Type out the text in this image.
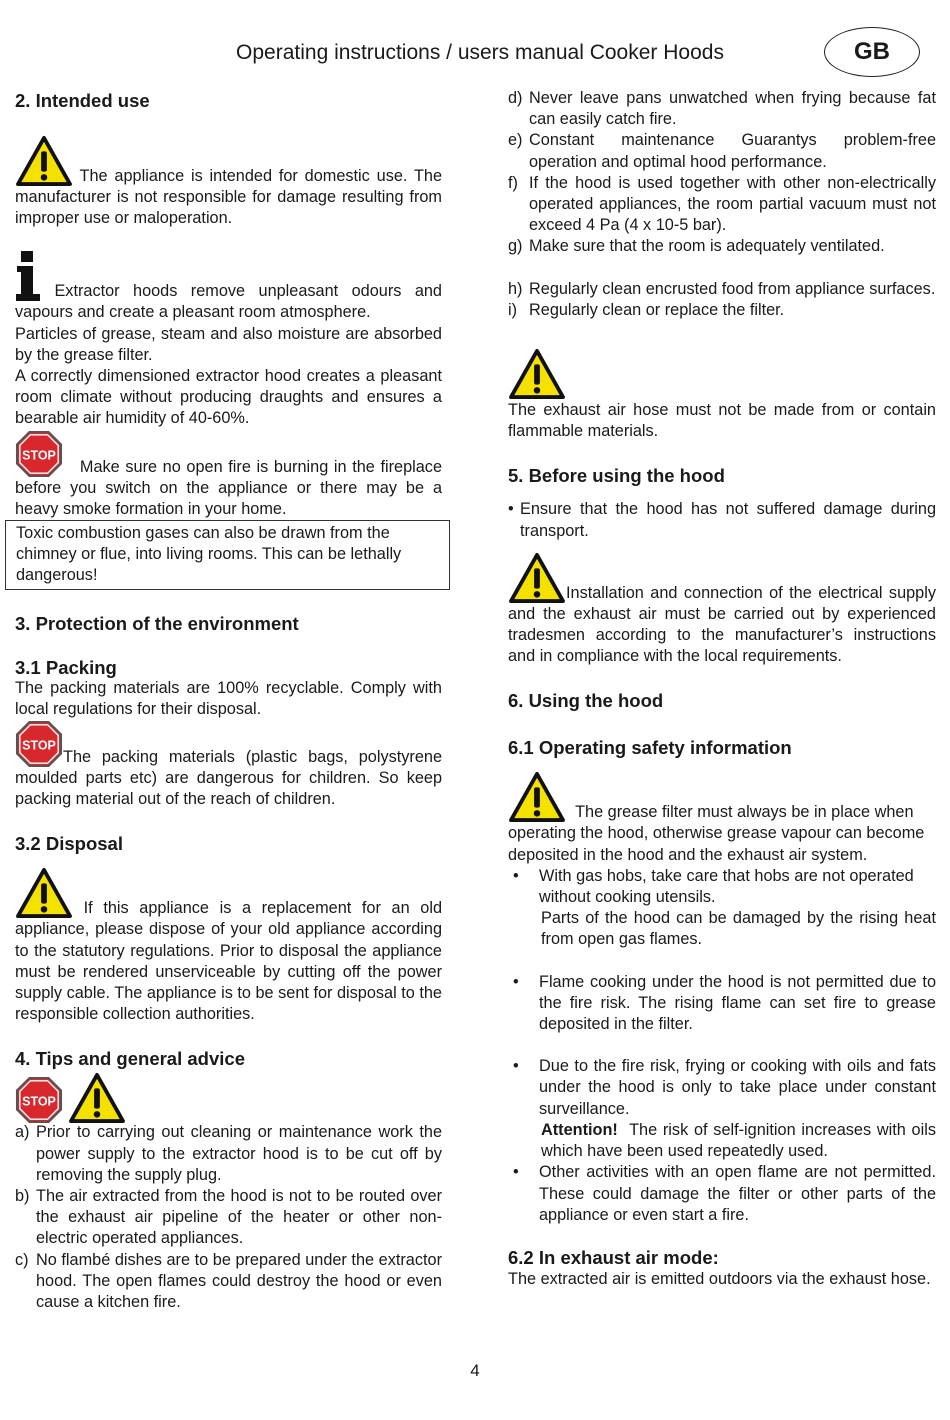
Operating instructions / users manual Cooker Hoods	GB
2. Intended use

The appliance is intended for domestic use. The manufacturer is not responsible for damage resulting from improper use or maloperation.

Extractor hoods remove unpleasant odours and vapours and create a pleasant room atmosphere.

Particles of grease, steam and also moisture are absorbed by the grease filter.

A correctly dimensioned extractor hood creates a pleasant room climate without producing draughts and ensures a bearable air humidity of 40-60%.

Make sure no open fire is burning in the fireplace before you switch on the appliance or there may be a heavy smoke formation in your home.

Toxic combustion gases can also be drawn from the chimney or flue, into living rooms. This can be lethally dangerous!

3. Protection of the environment
3.1 Packing

The packing materials are 100% recyclable. Comply with local regulations for their disposal.

The packing materials (plastic bags, polystyrene moulded parts etc) are dangerous for children. So keep packing material out of the reach of children.

3.2 Disposal

If this appliance is a replacement for an old appliance, please dispose of your old appliance according to the statutory regulations. Prior to disposal the appliance must be rendered unserviceable by cutting off the power supply cable. The appliance is to be sent for disposal to the responsible collection authorities.

4. Tips and general advice

a) Prior to carrying out cleaning or maintenance work the power supply to the extractor hood is to be cut off by removing the supply plug.
b) The air extracted from the hood is not to be routed over the exhaust air pipeline of the heater or other non-electric operated appliances.
c) No flambé dishes are to be prepared under the extractor hood. The open flames could destroy the hood or even cause a kitchen fire.
d) Never leave pans unwatched when frying because fat can easily catch fire.
e) Constant maintenance Guarantys problem-free operation and optimal hood performance.
f) If the hood is used together with other non-electrically operated appliances, the room partial vacuum must not exceed 4 Pa (4 x 10-5 bar).
g) Make sure that the room is adequately ventilated.
h) Regularly clean encrusted food from appliance surfaces.
i) Regularly clean or replace the filter.

The exhaust air hose must not be made from or contain flammable materials.

5. Before using the hood
• Ensure that the hood has not suffered damage during transport.

Installation and connection of the electrical supply and the exhaust air must be carried out by experienced tradesmen according to the manufacturer’s instructions and in compliance with the local requirements.

6. Using the hood
6.1 Operating safety information

The grease filter must always be in place when operating the hood, otherwise grease vapour can become deposited in the hood and the exhaust air system.

• With gas hobs, take care that hobs are not operated without cooking utensils.

Parts of the hood can be damaged by the rising heat from open gas flames.

• Flame cooking under the hood is not permitted due to the fire risk. The rising flame can set fire to grease deposited in the filter.
• Due to the fire risk, frying or cooking with oils and fats under the hood is only to take place under constant surveillance.

Attention! The risk of self-ignition increases with oils which have been used repeatedly used.

• Other activities with an open flame are not permitted. These could damage the filter or other parts of the appliance or even start a fire.
6.2 In exhaust air mode:

The extracted air is emitted outdoors via the exhaust hose.

4
